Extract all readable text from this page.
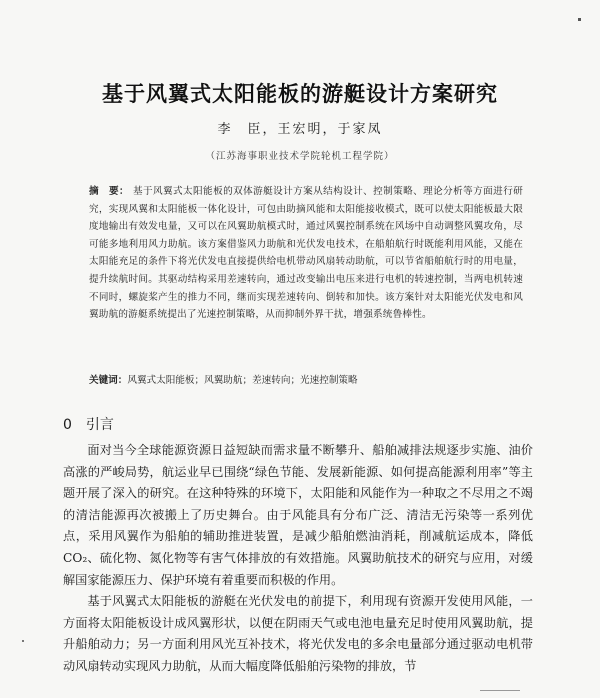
基于风翼式太阳能板的游艇设计方案研究
李　臣，王宏明，于家凤
（江苏海事职业技术学院轮机工程学院）
摘　要： 基于风翼式太阳能板的双体游艇设计方案从结构设计、控制策略、理论分析等方面进行研究，实现风翼和太阳能板一体化设计，可包由助摘风能和太阳能接收模式，既可以使太阳能板最大限度地输出有效发电量，又可以在风翼助航模式时，通过风翼控制系统在风场中自动调整风翼攻角，尽可能多地利用风力助航。该方案借鉴风力助航和光伏发电技术，在船舶航行时既能利用风能，又能在太阳能充足的条件下将光伏发电直接提供给电机带动风扇转动助航，可以节省船舶航行时的用电量，提升续航时间。其驱动结构采用差速转向，通过改变输出电压来进行电机的转速控制，当两电机转速不同时，螺旋桨产生的推力不同，继而实现差速转向、倒转和加快。该方案针对太阳能光伏发电和风翼助航的游艇系统提出了光速控制策略，从而抑制外界干扰，增强系统鲁棒性。
关键词：风翼式太阳能板；风翼助航；差速转向；光速控制策略
0 引言

面对当今全球能源资源日益短缺而需求量不断攀升、船舶减排法规逐步实施、油价高涨的严峻局势，航运业早已围绕“绿色节能、发展新能源、如何提高能源利用率”等主题开展了深入的研究。在这种特殊的环境下，太阳能和风能作为一种取之不尽用之不竭的清洁能源再次被搬上了历史舞台。由于风能具有分布广泛、清洁无污染等一系列优点，采用风翼作为船舶的辅助推进装置，是减少船舶燃油消耗，削减航运成本，降低CO₂、硫化物、氮化物等有害气体排放的有效措施。风翼助航技术的研究与应用，对缓解国家能源压力、保护环境有着重要而积极的作用。

基于风翼式太阳能板的游艇在光伏发电的前提下，利用现有资源开发使用风能，一方面将太阳能板设计成风翼形状，以便在阴雨天气或电池电量充足时使用风翼助航，提升船舶动力；另一方面利用风光互补技术，将光伏发电的多余电量部分通过驱动电机带动风扇转动实现风力助航，从而大幅度降低船舶污染物的排放，节
